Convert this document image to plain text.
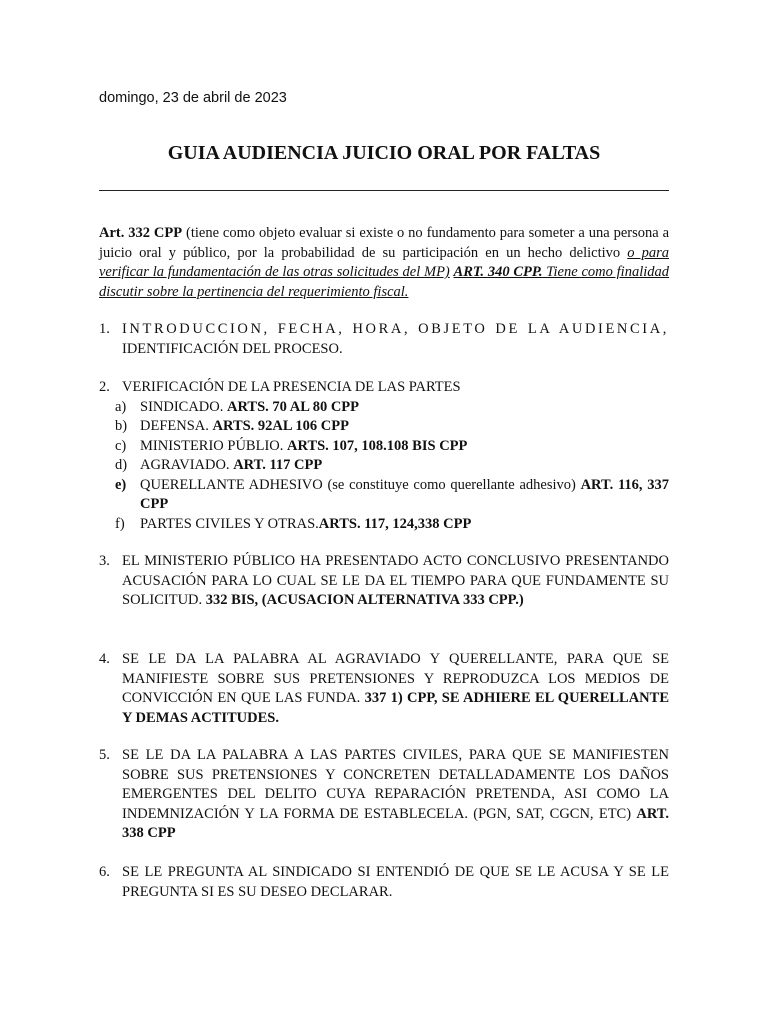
domingo, 23 de abril de 2023
GUIA AUDIENCIA JUICIO ORAL POR FALTAS
Art. 332 CPP (tiene como objeto evaluar si existe o no fundamento para someter a una persona a juicio oral y público, por la probabilidad de su participación en un hecho delictivo o para verificar la fundamentación de las otras solicitudes del MP) ART. 340 CPP. Tiene como finalidad discutir sobre la pertinencia del requerimiento fiscal.
1. INTRODUCCION, FECHA, HORA, OBJETO DE LA AUDIENCIA,
IDENTIFICACIÓN DEL PROCESO.
2. VERIFICACIÓN DE LA PRESENCIA DE LAS PARTES
a) SINDICADO. ARTS. 70 AL 80 CPP
b) DEFENSA. ARTS. 92AL 106 CPP
c) MINISTERIO PÚBLIO. ARTS. 107, 108.108 BIS CPP
d) AGRAVIADO. ART. 117 CPP
e) QUERELLANTE ADHESIVO (se constituye como querellante adhesivo) ART. 116, 337 CPP
f) PARTES CIVILES Y OTRAS.ARTS. 117, 124,338 CPP
3. EL MINISTERIO PÚBLICO HA PRESENTADO ACTO CONCLUSIVO PRESENTANDO ACUSACIÓN PARA LO CUAL SE LE DA EL TIEMPO PARA QUE FUNDAMENTE SU SOLICITUD. 332 BIS, (ACUSACION ALTERNATIVA 333 CPP.)
4. SE LE DA LA PALABRA AL AGRAVIADO Y QUERELLANTE, PARA QUE SE MANIFIESTE SOBRE SUS PRETENSIONES Y REPRODUZCA LOS MEDIOS DE CONVICCIÓN EN QUE LAS FUNDA. 337 1) CPP, SE ADHIERE EL QUERELLANTE Y DEMAS ACTITUDES.
5. SE LE DA LA PALABRA A LAS PARTES CIVILES, PARA QUE SE MANIFIESTEN SOBRE SUS PRETENSIONES Y CONCRETEN DETALLADAMENTE LOS DAÑOS EMERGENTES DEL DELITO CUYA REPARACIÓN PRETENDA, ASI COMO LA INDEMNIZACIÓN Y LA FORMA DE ESTABLECELA. (PGN, SAT, CGCN, ETC) ART. 338 CPP
6. SE LE PREGUNTA AL SINDICADO SI ENTENDIÓ DE QUE SE LE ACUSA Y SE LE PREGUNTA SI ES SU DESEO DECLARAR.
